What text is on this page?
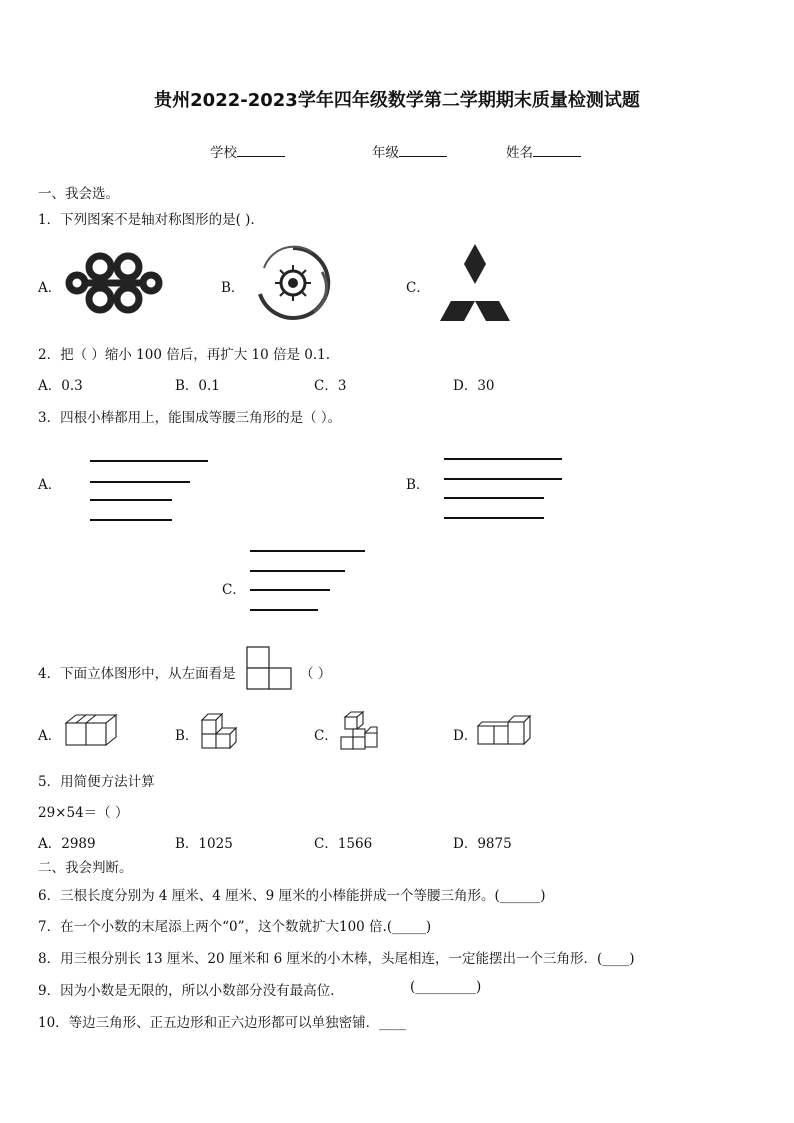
贵州2022-2023学年四年级数学第二学期期末质量检测试题
学校	年级	姓名
一、我会选。
1．下列图案不是轴对称图形的是( ).
A．	B．	C．
2．把（ ）缩小 100 倍后，再扩大 10 倍是 0.1.
A．0.3	B．0.1	C．3	D．30
3．四根小棒都用上，能围成等腰三角形的是（ ）。
A．	B．
C．
4．下面立体图形中，从左面看是	（ ）
A．	B．	C．	D．
5．用简便方法计算
29×54＝（ ）
A．2989	B．1025	C．1566	D．9875
二、我会判断。
6．三根长度分别为 4 厘米、4 厘米、9 厘米的小棒能拼成一个等腰三角形。(______)
7．在一个小数的末尾添上两个“0”，这个数就扩大100 倍.(_____)
8．用三根分别长 13 厘米、20 厘米和 6 厘米的小木棒，头尾相连，一定能摆出一个三角形．(____)
9．因为小数是无限的，所以小数部分没有最高位.	(_________)
10．等边三角形、正五边形和正六边形都可以单独密铺．____
